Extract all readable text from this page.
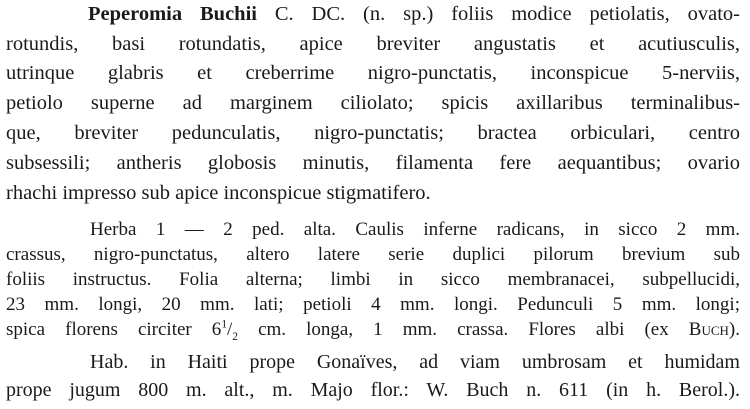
Peperomia Buchii C. DC. (n. sp.) foliis modice petiolatis, ovato-
rotundis, basi rotundatis, apice breviter angustatis et acutiusculis,
utrinque glabris et creberrime nigro-punctatis, inconspicue 5-nerviis,
petiolo superne ad marginem ciliolato; spicis axillaribus terminalibus-
que, breviter pedunculatis, nigro-punctatis; bractea orbiculari, centro
subsessili; antheris globosis minutis, filamenta fere aequantibus; ovario
rhachi impresso sub apice inconspicue stigmatifero.
Herba 1 — 2 ped. alta. Caulis inferne radicans, in sicco 2 mm.
crassus, nigro-punctatus, altero latere serie duplici pilorum brevium sub
foliis instructus. Folia alterna; limbi in sicco membranacei, subpellucidi,
23 mm. longi, 20 mm. lati; petioli 4 mm. longi. Pedunculi 5 mm. longi;
spica florens circiter $6^1/_2$ cm. longa, 1 mm. crassa. Flores albi (ex Buch).
Hab. in Haiti prope Gonaïves, ad viam umbrosam et humidam
prope jugum 800 m. alt., m. Majo flor.: W. Buch n. 611 (in h. Berol.).
